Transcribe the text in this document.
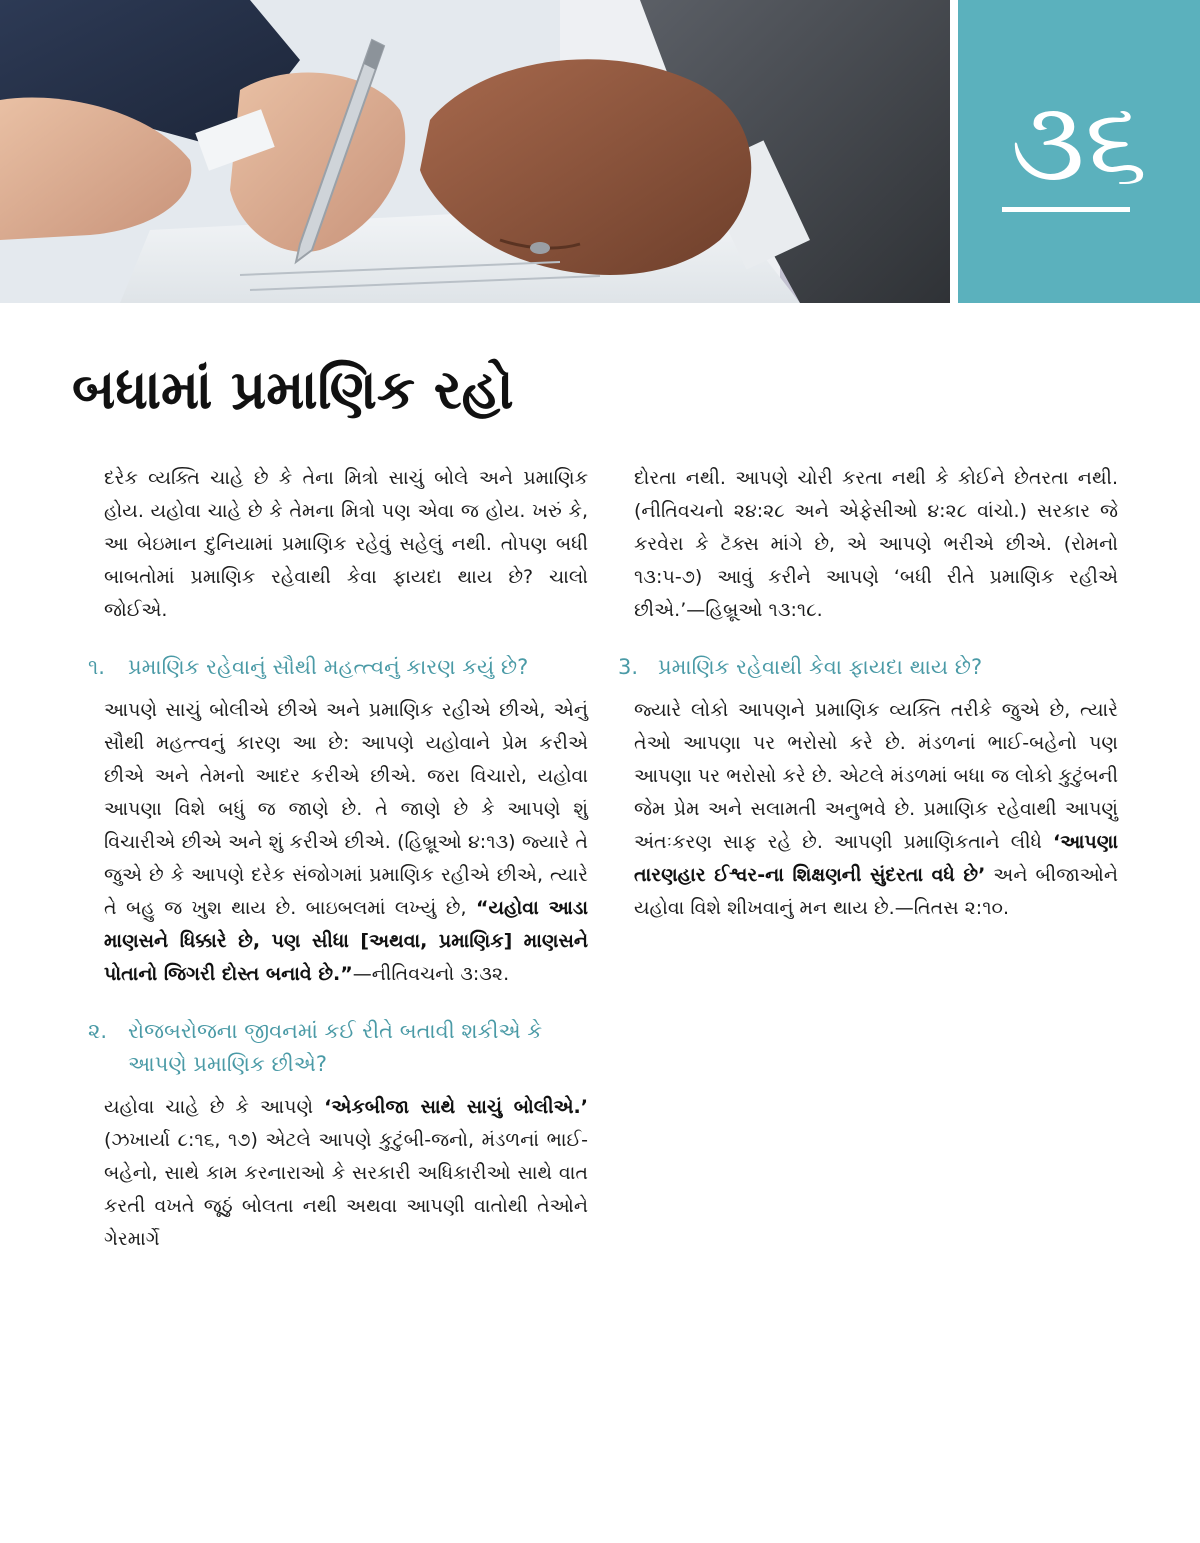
૩૬
બધામાં પ્રમાણિક રહો

દરેક વ્યક્તિ ચાહે છે કે તેના મિત્રો સાચું બોલે અને પ્રમાણિક હોય. યહોવા ચાહે છે કે તેમના મિત્રો પણ એવા જ હોય. ખરું કે, આ બેઇમાન દુનિયામાં પ્રમાણિક રહેવું સહેલું નથી. તોપણ બધી બાબતોમાં પ્રમાણિક રહેવાથી કેવા ફાયદા થાય છે? ચાલો જોઈએ.

૧. પ્રમાણિક રહેવાનું સૌથી મહત્ત્વનું કારણ કયું છે?

આપણે સાચું બોલીએ છીએ અને પ્રમાણિક રહીએ છીએ, એનું સૌથી મહત્ત્વનું કારણ આ છે: આપણે યહોવાને પ્રેમ કરીએ છીએ અને તેમનો આદર કરીએ છીએ. જરા વિચારો, યહોવા આપણા વિશે બધું જ જાણે છે. તે જાણે છે કે આપણે શું વિચારીએ છીએ અને શું કરીએ છીએ. (હિબ્રૂઓ ૪:૧૩) જ્યારે તે જુએ છે કે આપણે દરેક સંજોગમાં પ્રમાણિક રહીએ છીએ, ત્યારે તે બહુ જ ખુશ થાય છે. બાઇબલમાં લખ્યું છે, “યહોવા આડા માણસને ધિક્કારે છે, પણ સીધા [અથવા, પ્રમાણિક] માણસને પોતાનો જિગરી દોસ્ત બનાવે છે.”—નીતિવચનો ૩:૩૨.

૨. રોજબરોજના જીવનમાં કઈ રીતે બતાવી શકીએ કે આપણે પ્રમાણિક છીએ?

યહોવા ચાહે છે કે આપણે ‘એકબીજા સાથે સાચું બોલીએ.’ (ઝખાર્યા ૮:૧૬, ૧૭) એટલે આપણે કુટુંબી-જનો, મંડળનાં ભાઈ-બહેનો, સાથે કામ કરનારાઓ કે સરકારી અધિકારીઓ સાથે વાત કરતી વખતે જૂઠું બોલતા નથી અથવા આપણી વાતોથી તેઓને ગેરમાર્ગે

દોરતા નથી. આપણે ચોરી કરતા નથી કે કોઈને છેતરતા નથી. (નીતિવચનો ૨૪:૨૮ અને એફેસીઓ ૪:૨૮ વાંચો.) સરકાર જે કરવેરા કે ટૅક્સ માંગે છે, એ આપણે ભરીએ છીએ. (રોમનો ૧૩:૫-૭) આવું કરીને આપણે ‘બધી રીતે પ્રમાણિક રહીએ છીએ.’—હિબ્રૂઓ ૧૩:૧૮.

3. પ્રમાણિક રહેવાથી કેવા ફાયદા થાય છે?

જ્યારે લોકો આપણને પ્રમાણિક વ્યક્તિ તરીકે જુએ છે, ત્યારે તેઓ આપણા પર ભરોસો કરે છે. મંડળનાં ભાઈ-બહેનો પણ આપણા પર ભરોસો કરે છે. એટલે મંડળમાં બધા જ લોકો કુટુંબની જેમ પ્રેમ અને સલામતી અનુભવે છે. પ્રમાણિક રહેવાથી આપણું અંતઃકરણ સાફ રહે છે. આપણી પ્રમાણિકતાને લીધે ‘આપણા તારણહાર ઈશ્વર-ના શિક્ષણની સુંદરતા વધે છે’ અને બીજાઓને યહોવા વિશે શીખવાનું મન થાય છે.—તિતસ ૨:૧૦.
